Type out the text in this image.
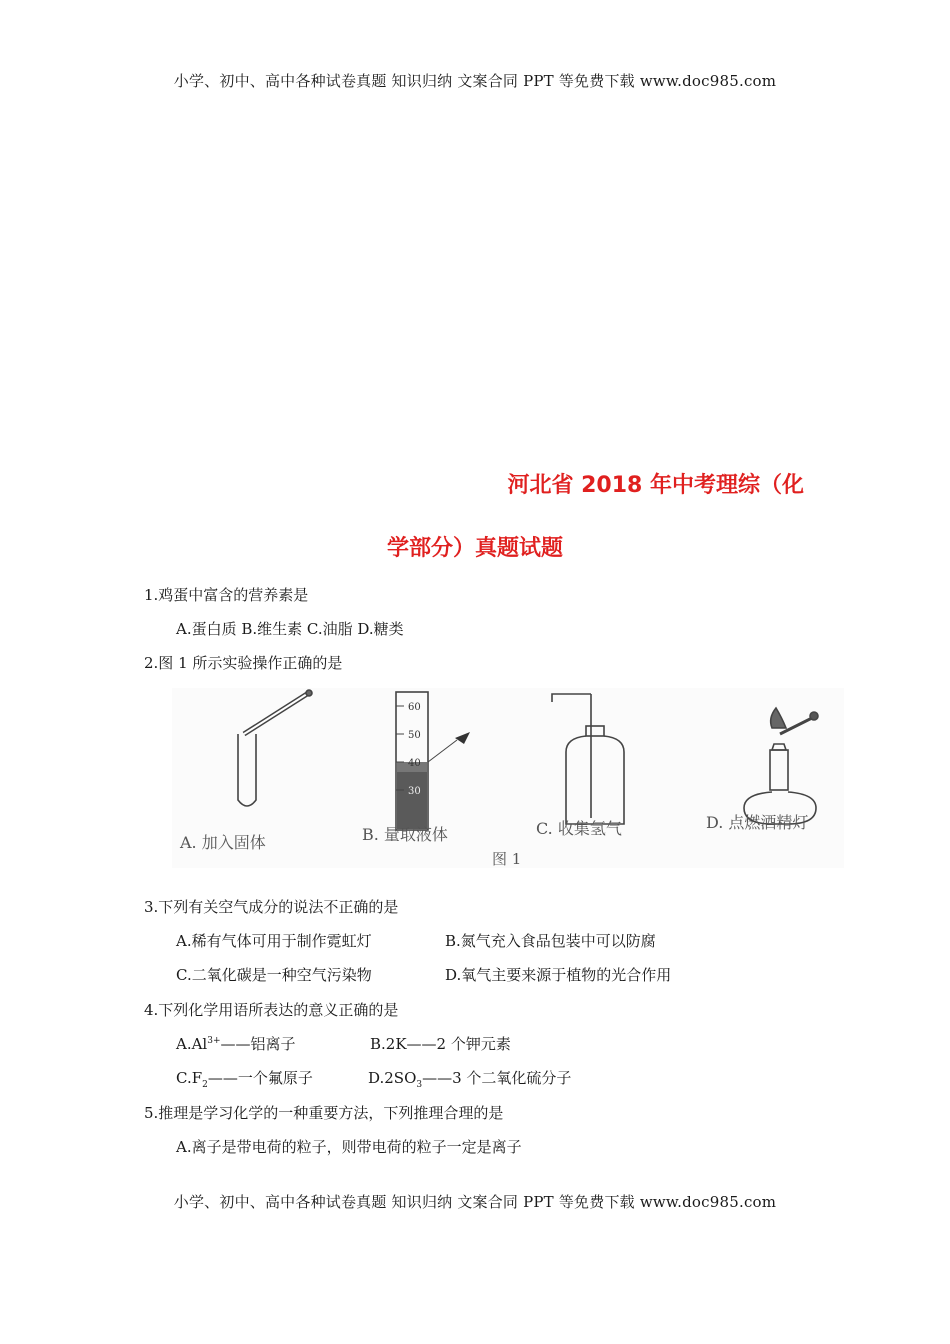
小学、初中、高中各种试卷真题 知识归纳 文案合同 PPT 等免费下载 www.doc985.com
河北省 2018 年中考理综（化
学部分）真题试题
1.鸡蛋中富含的营养素是
A.蛋白质 B.维生素 C.油脂 D.糖类
2.图 1 所示实验操作正确的是
60
50
40
30
A. 加入固体	B. 量取液体	C. 收集氢气	D. 点燃酒精灯
图 1
3.下列有关空气成分的说法不正确的是
A.稀有气体可用于制作霓虹灯	B.氮气充入食品包装中可以防腐
C.二氧化碳是一种空气污染物	D.氧气主要来源于植物的光合作用
4.下列化学用语所表达的意义正确的是
$A.Al^{3+}——$铝离子	B.2K——2 个钾元素
$C.F_2——$一个氟原子	$D.2SO_3——3$ 个二氧化硫分子
5.推理是学习化学的一种重要方法，下列推理合理的是
A.离子是带电荷的粒子，则带电荷的粒子一定是离子
小学、初中、高中各种试卷真题 知识归纳 文案合同 PPT 等免费下载 www.doc985.com
